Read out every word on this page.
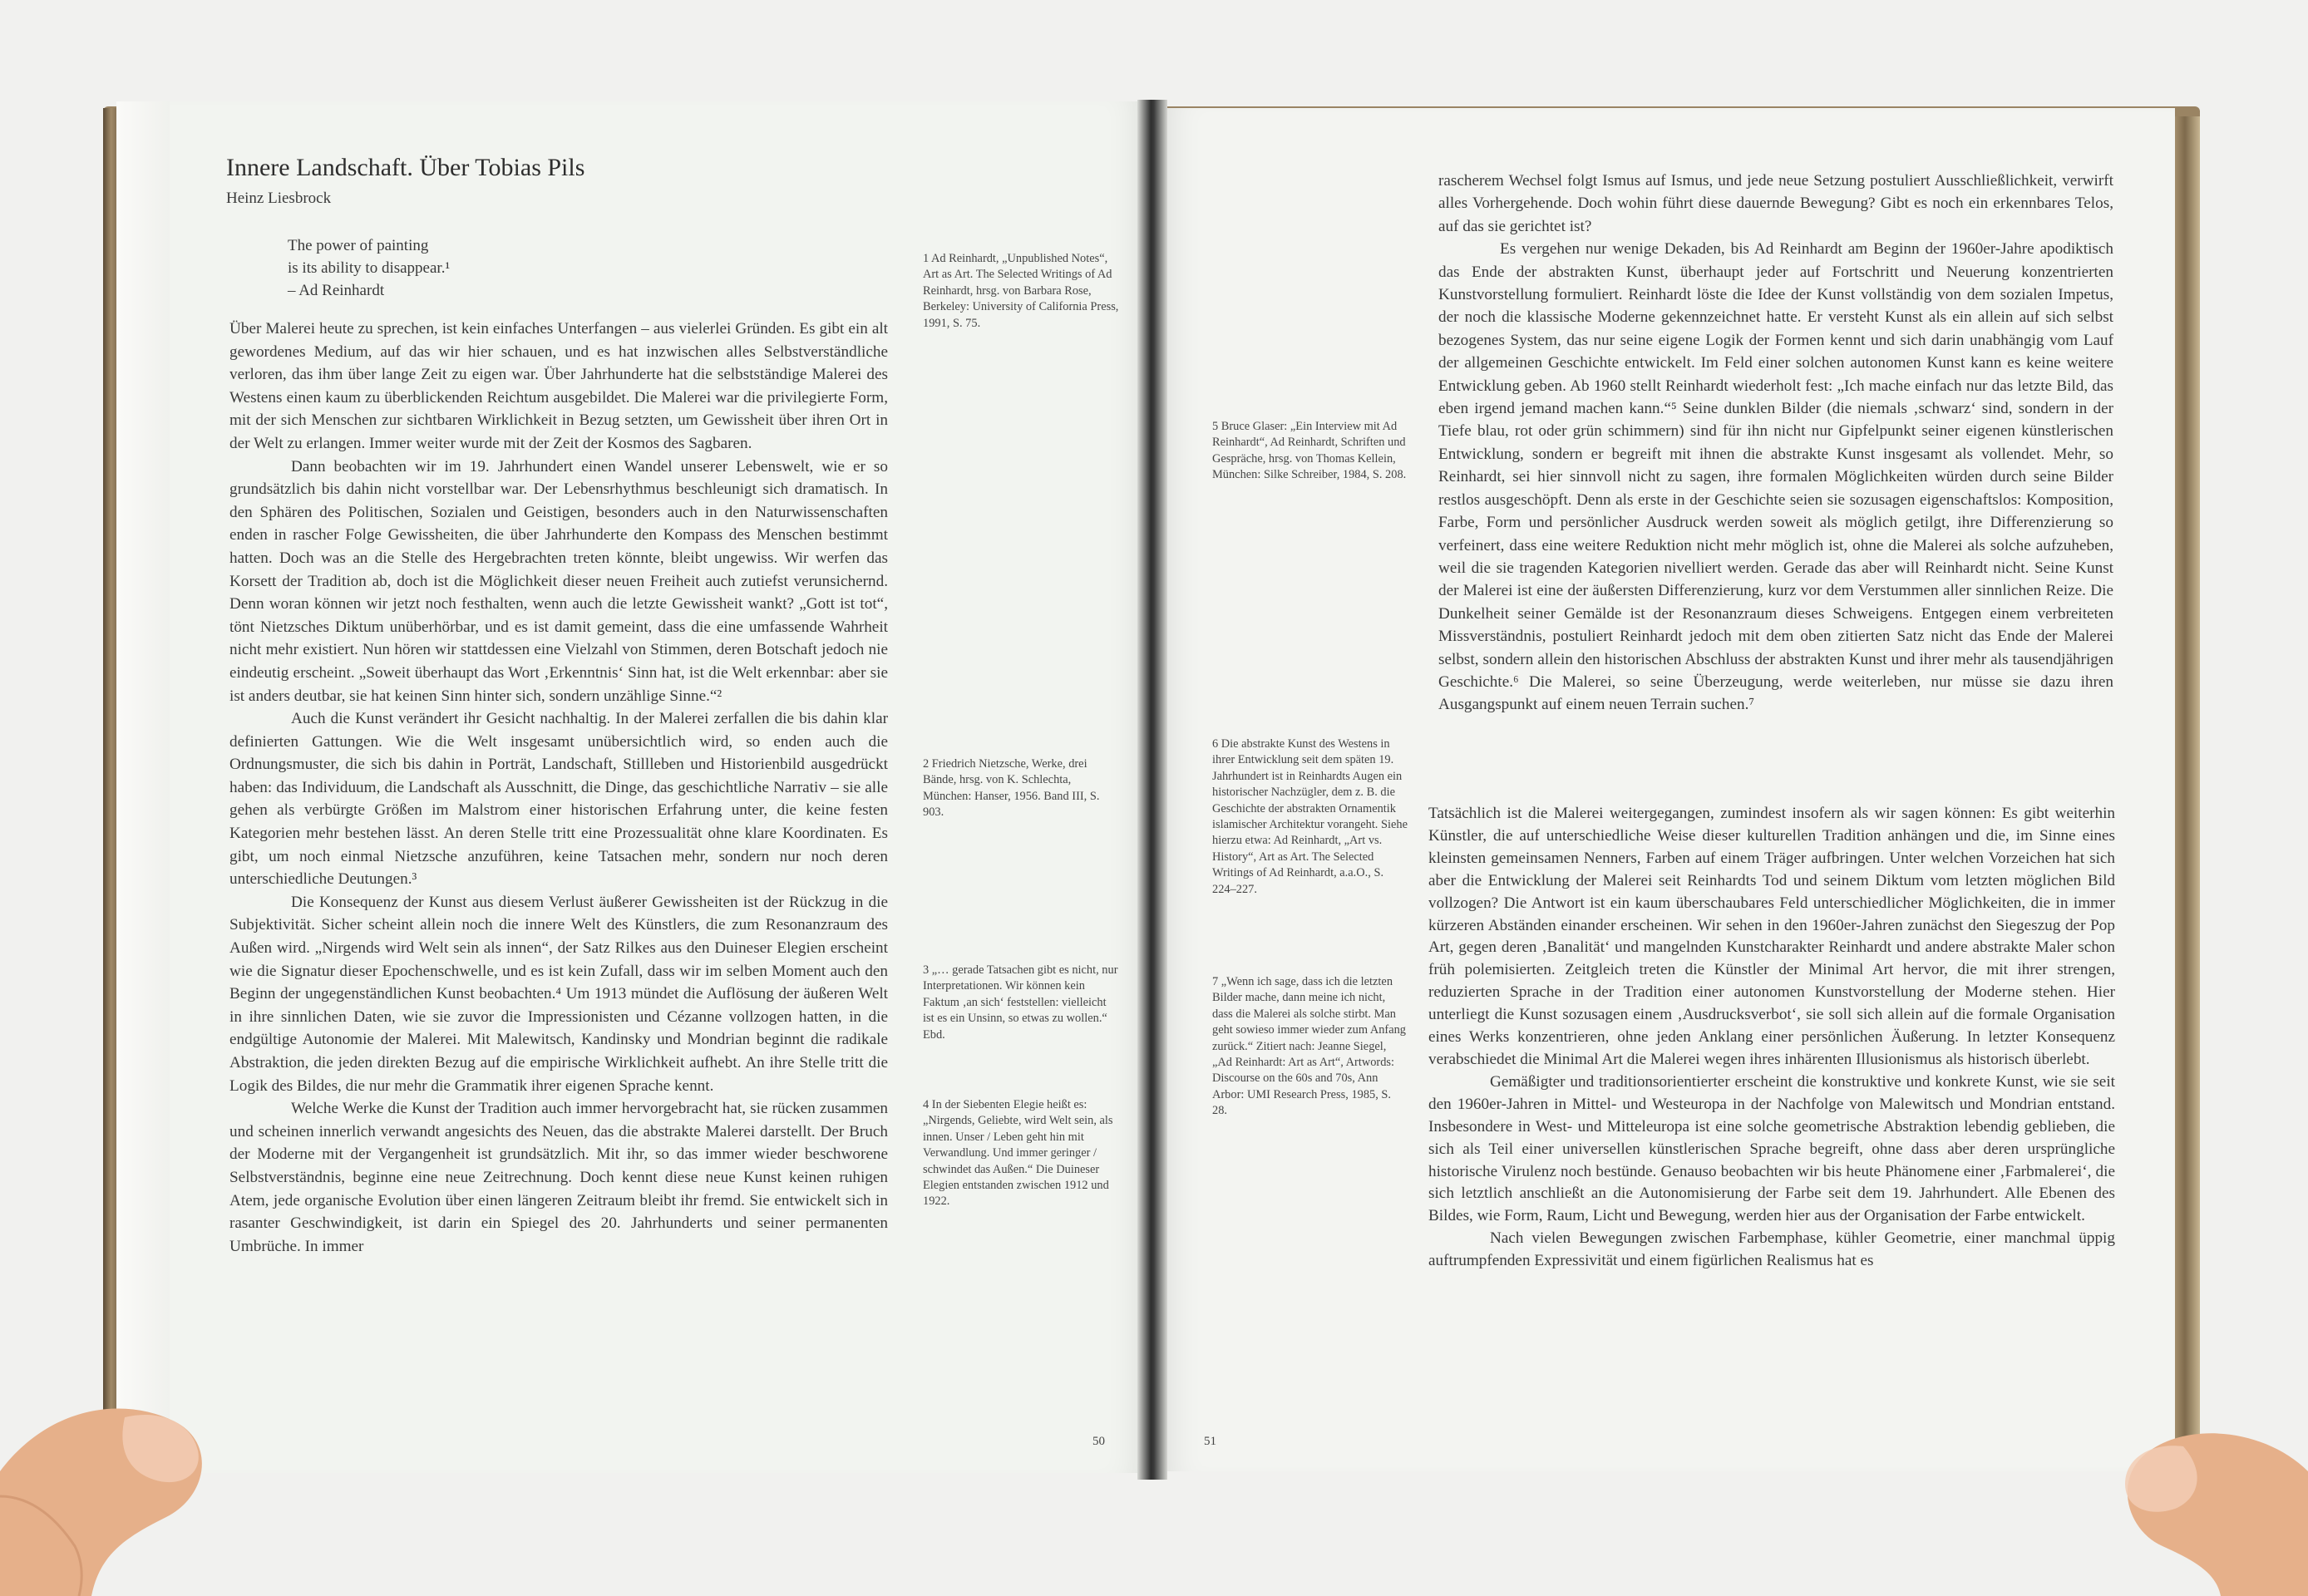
Innere Landschaft. Über Tobias Pils
Heinz Liesbrock
The power of painting
is its ability to disappear.¹
– Ad Reinhardt

Über Malerei heute zu sprechen, ist kein einfaches Unterfangen – aus vielerlei Gründen. Es gibt ein alt gewordenes Medium, auf das wir hier schauen, und es hat inzwischen alles Selbstverständliche verloren, das ihm über lange Zeit zu eigen war. Über Jahrhunderte hat die selbstständige Malerei des Westens einen kaum zu überblickenden Reichtum ausgebildet. Die Malerei war die privilegierte Form, mit der sich Menschen zur sichtbaren Wirklichkeit in Bezug setzten, um Gewissheit über ihren Ort in der Welt zu erlangen. Immer weiter wurde mit der Zeit der Kosmos des Sagbaren.

Dann beobachten wir im 19. Jahrhundert einen Wandel unserer Lebenswelt, wie er so grundsätzlich bis dahin nicht vorstellbar war. Der Lebensrhythmus beschleunigt sich dramatisch. In den Sphären des Politischen, Sozialen und Geistigen, besonders auch in den Naturwissenschaften enden in rascher Folge Gewissheiten, die über Jahrhunderte den Kompass des Menschen bestimmt hatten. Doch was an die Stelle des Hergebrachten treten könnte, bleibt ungewiss. Wir werfen das Korsett der Tradition ab, doch ist die Möglichkeit dieser neuen Freiheit auch zutiefst verunsichernd. Denn woran können wir jetzt noch festhalten, wenn auch die letzte Gewissheit wankt? „Gott ist tot“, tönt Nietzsches Diktum unüberhörbar, und es ist damit gemeint, dass die eine umfassende Wahrheit nicht mehr existiert. Nun hören wir stattdessen eine Vielzahl von Stimmen, deren Botschaft jedoch nie eindeutig erscheint. „Soweit überhaupt das Wort ‚Erkenntnis‘ Sinn hat, ist die Welt erkennbar: aber sie ist anders deutbar, sie hat keinen Sinn hinter sich, sondern unzählige Sinne.“²

Auch die Kunst verändert ihr Gesicht nachhaltig. In der Malerei zerfallen die bis dahin klar definierten Gattungen. Wie die Welt insgesamt unübersichtlich wird, so enden auch die Ordnungsmuster, die sich bis dahin in Porträt, Landschaft, Stillleben und Historienbild ausgedrückt haben: das Individuum, die Landschaft als Ausschnitt, die Dinge, das geschichtliche Narrativ – sie alle gehen als verbürgte Größen im Malstrom einer historischen Erfahrung unter, die keine festen Kategorien mehr bestehen lässt. An deren Stelle tritt eine Prozessualität ohne klare Koordinaten. Es gibt, um noch einmal Nietzsche anzuführen, keine Tatsachen mehr, sondern nur noch deren unterschiedliche Deutungen.³

Die Konsequenz der Kunst aus diesem Verlust äußerer Gewissheiten ist der Rückzug in die Subjektivität. Sicher scheint allein noch die innere Welt des Künstlers, die zum Resonanzraum des Außen wird. „Nirgends wird Welt sein als innen“, der Satz Rilkes aus den Duineser Elegien erscheint wie die Signatur dieser Epochenschwelle, und es ist kein Zufall, dass wir im selben Moment auch den Beginn der ungegenständlichen Kunst beobachten.⁴ Um 1913 mündet die Auflösung der äußeren Welt in ihre sinnlichen Daten, wie sie zuvor die Impressionisten und Cézanne vollzogen hatten, in die endgültige Autonomie der Malerei. Mit Malewitsch, Kandinsky und Mondrian beginnt die radikale Abstraktion, die jeden direkten Bezug auf die empirische Wirklichkeit aufhebt. An ihre Stelle tritt die Logik des Bildes, die nur mehr die Grammatik ihrer eigenen Sprache kennt.

Welche Werke die Kunst der Tradition auch immer hervorgebracht hat, sie rücken zusammen und scheinen innerlich verwandt angesichts des Neuen, das die abstrakte Malerei darstellt. Der Bruch der Moderne mit der Vergangenheit ist grundsätzlich. Mit ihr, so das immer wieder beschworene Selbstverständnis, beginne eine neue Zeitrechnung. Doch kennt diese neue Kunst keinen ruhigen Atem, jede organische Evolution über einen längeren Zeitraum bleibt ihr fremd. Sie entwickelt sich in rasanter Geschwindigkeit, ist darin ein Spiegel des 20. Jahrhunderts und seiner permanenten Umbrüche. In immer

1 Ad Reinhardt, „Unpublished Notes“, Art as Art. The Selected Writings of Ad Reinhardt, hrsg. von Barbara Rose, Berkeley: University of California Press, 1991, S. 75.
2 Friedrich Nietzsche, Werke, drei Bände, hrsg. von K. Schlechta, München: Hanser, 1956. Band III, S. 903.
3 „… gerade Tatsachen gibt es nicht, nur Interpretationen. Wir können kein Faktum ‚an sich‘ feststellen: vielleicht ist es ein Unsinn, so etwas zu wollen.“ Ebd.
4 In der Siebenten Elegie heißt es: „Nirgends, Geliebte, wird Welt sein, als innen. Unser / Leben geht hin mit Verwandlung. Und immer geringer / schwindet das Außen.“ Die Duineser Elegien entstanden zwischen 1912 und 1922.
50

rascherem Wechsel folgt Ismus auf Ismus, und jede neue Setzung postuliert Ausschließlichkeit, verwirft alles Vorhergehende. Doch wohin führt diese dauernde Bewegung? Gibt es noch ein erkennbares Telos, auf das sie gerichtet ist?

Es vergehen nur wenige Dekaden, bis Ad Reinhardt am Beginn der 1960er-Jahre apodiktisch das Ende der abstrakten Kunst, überhaupt jeder auf Fortschritt und Neuerung konzentrierten Kunstvorstellung formuliert. Reinhardt löste die Idee der Kunst vollständig von dem sozialen Impetus, der noch die klassische Moderne gekennzeichnet hatte. Er versteht Kunst als ein allein auf sich selbst bezogenes System, das nur seine eigene Logik der Formen kennt und sich darin unabhängig vom Lauf der allgemeinen Geschichte entwickelt. Im Feld einer solchen autonomen Kunst kann es keine weitere Entwicklung geben. Ab 1960 stellt Reinhardt wiederholt fest: „Ich mache einfach nur das letzte Bild, das eben irgend jemand machen kann.“⁵ Seine dunklen Bilder (die niemals ‚schwarz‘ sind, sondern in der Tiefe blau, rot oder grün schimmern) sind für ihn nicht nur Gipfelpunkt seiner eigenen künstlerischen Entwicklung, sondern er begreift mit ihnen die abstrakte Kunst insgesamt als vollendet. Mehr, so Reinhardt, sei hier sinnvoll nicht zu sagen, ihre formalen Möglichkeiten würden durch seine Bilder restlos ausgeschöpft. Denn als erste in der Geschichte seien sie sozusagen eigenschaftslos: Komposition, Farbe, Form und persönlicher Ausdruck werden soweit als möglich getilgt, ihre Differenzierung so verfeinert, dass eine weitere Reduktion nicht mehr möglich ist, ohne die Malerei als solche aufzuheben, weil die sie tragenden Kategorien nivelliert werden. Gerade das aber will Reinhardt nicht. Seine Kunst der Malerei ist eine der äußersten Differenzierung, kurz vor dem Verstummen aller sinnlichen Reize. Die Dunkelheit seiner Gemälde ist der Resonanzraum dieses Schweigens. Entgegen einem verbreiteten Missverständnis, postuliert Reinhardt jedoch mit dem oben zitierten Satz nicht das Ende der Malerei selbst, sondern allein den historischen Abschluss der abstrakten Kunst und ihrer mehr als tausendjährigen Geschichte.⁶ Die Malerei, so seine Überzeugung, werde weiterleben, nur müsse sie dazu ihren Ausgangspunkt auf einem neuen Terrain suchen.⁷

Tatsächlich ist die Malerei weitergegangen, zumindest insofern als wir sagen können: Es gibt weiterhin Künstler, die auf unterschiedliche Weise dieser kulturellen Tradition anhängen und die, im Sinne eines kleinsten gemeinsamen Nenners, Farben auf einem Träger aufbringen. Unter welchen Vorzeichen hat sich aber die Entwicklung der Malerei seit Reinhardts Tod und seinem Diktum vom letzten möglichen Bild vollzogen? Die Antwort ist ein kaum überschaubares Feld unterschiedlicher Möglichkeiten, die in immer kürzeren Abständen einander erscheinen. Wir sehen in den 1960er-Jahren zunächst den Siegeszug der Pop Art, gegen deren ‚Banalität‘ und mangelnden Kunstcharakter Reinhardt und andere abstrakte Maler schon früh polemisierten. Zeitgleich treten die Künstler der Minimal Art hervor, die mit ihrer strengen, reduzierten Sprache in der Tradition einer autonomen Kunstvorstellung der Moderne stehen. Hier unterliegt die Kunst sozusagen einem ‚Ausdrucksverbot‘, sie soll sich allein auf die formale Organisation eines Werks konzentrieren, ohne jeden Anklang einer persönlichen Äußerung. In letzter Konsequenz verabschiedet die Minimal Art die Malerei wegen ihres inhärenten Illusionismus als historisch überlebt.

Gemäßigter und traditionsorientierter erscheint die konstruktive und konkrete Kunst, wie sie seit den 1960er-Jahren in Mittel- und Westeuropa in der Nachfolge von Malewitsch und Mondrian entstand. Insbesondere in West- und Mitteleuropa ist eine solche geometrische Abstraktion lebendig geblieben, die sich als Teil einer universellen künstlerischen Sprache begreift, ohne dass aber deren ursprüngliche historische Virulenz noch bestünde. Genauso beobachten wir bis heute Phänomene einer ‚Farbmalerei‘, die sich letztlich anschließt an die Autonomisierung der Farbe seit dem 19. Jahrhundert. Alle Ebenen des Bildes, wie Form, Raum, Licht und Bewegung, werden hier aus der Organisation der Farbe entwickelt.

Nach vielen Bewegungen zwischen Farbemphase, kühler Geometrie, einer manchmal üppig auftrumpfenden Expressivität und einem figürlichen Realismus hat es

5 Bruce Glaser: „Ein Interview mit Ad Reinhardt“, Ad Reinhardt, Schriften und Gespräche, hrsg. von Thomas Kellein, München: Silke Schreiber, 1984, S. 208.
6 Die abstrakte Kunst des Westens in ihrer Entwicklung seit dem späten 19. Jahrhundert ist in Reinhardts Augen ein historischer Nachzügler, dem z. B. die Geschichte der abstrakten Ornamentik islamischer Architektur vorangeht. Siehe hierzu etwa: Ad Reinhardt, „Art vs. History“, Art as Art. The Selected Writings of Ad Reinhardt, a.a.O., S. 224–227.
7 „Wenn ich sage, dass ich die letzten Bilder mache, dann meine ich nicht, dass die Malerei als solche stirbt. Man geht sowieso immer wieder zum Anfang zurück.“ Zitiert nach: Jeanne Siegel, „Ad Reinhardt: Art as Art“, Artwords: Discourse on the 60s and 70s, Ann Arbor: UMI Research Press, 1985, S. 28.
51
